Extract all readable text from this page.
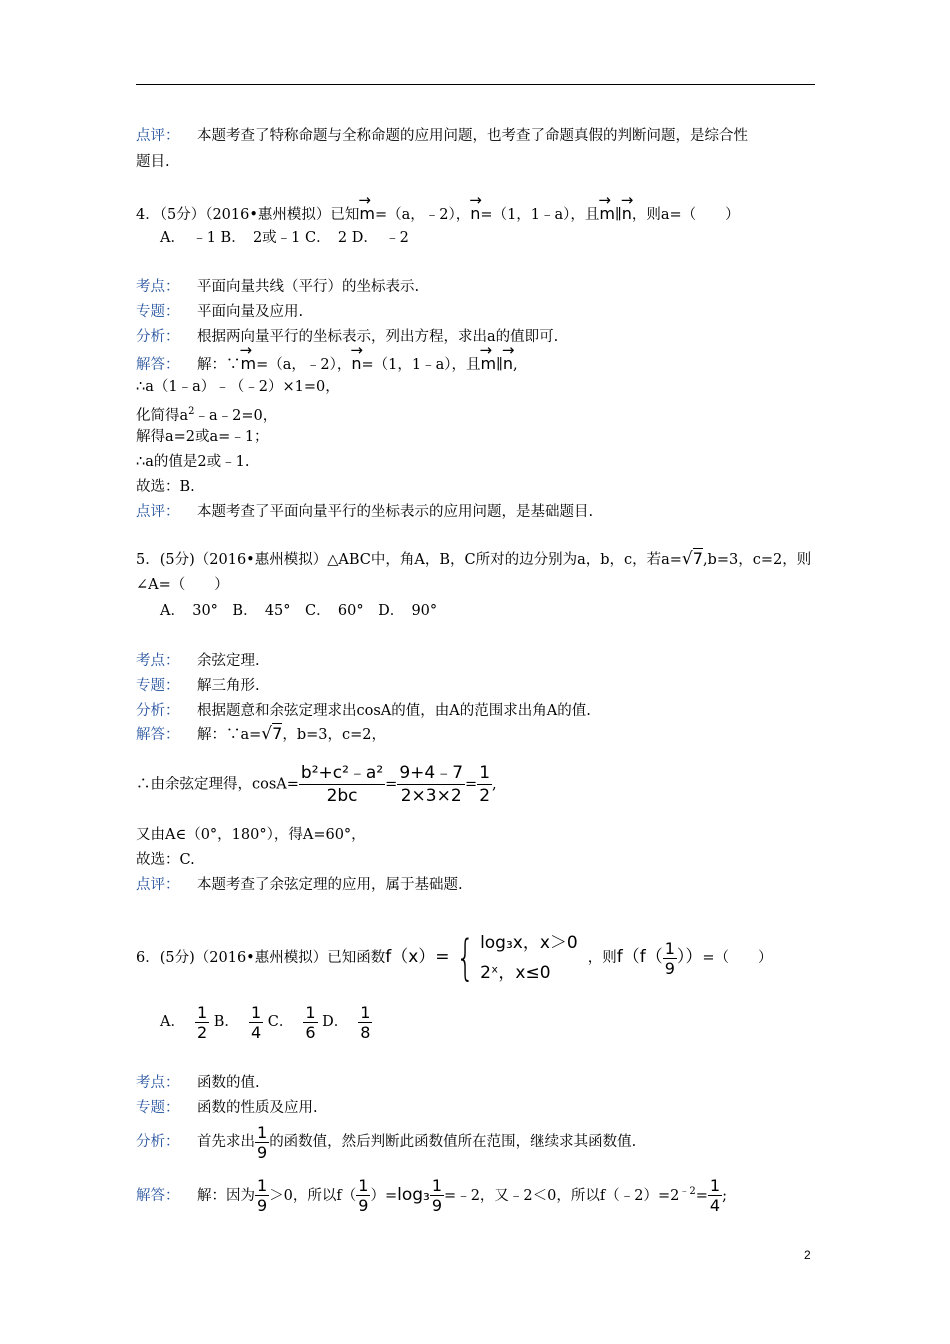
点评： 本题考查了特称命题与全称命题的应用问题，也考查了命题真假的判断问题，是综合性
题目.
4．（5分）（2016•惠州模拟）已知→ m=（a，﹣2），→ n=（1，1﹣a），且→ m∥→ n，则a=（　　）
A．　﹣1 B．　2或﹣1 C．　2 D．　﹣2
考点： 平面向量共线（平行）的坐标表示.
专题： 平面向量及应用.
分析： 根据两向量平行的坐标表示，列出方程，求出a的值即可.
解答： 解：∵→ m=（a，﹣2），→ n=（1，1﹣a），且→ m∥→ n,
∴a（1﹣a）﹣（﹣2）×1=0，
化简得$a^2﹣a﹣2=0$，
解得a=2或a=﹣1；
∴a的值是2或﹣1.
故选：B.
点评： 本题考查了平面向量平行的坐标表示的应用问题，是基础题目.
5．(5分)（2016•惠州模拟）△ABC中，角A，B，C所对的边分别为a，b，c，若a=√7,b=3，c=2，则
∠A=（　　）
A．　30°　B．　45°　C．　60°　D．　90°
考点： 余弦定理.
专题： 解三角形.
分析： 根据题意和余弦定理求出cosA的值，由A的范围求出角A的值.
解答： 解：∵a=√7，b=3，c=2，
∴由余弦定理得，$\cos A= \frac{\text{b²+c²﹣a²}}{2bc} = \frac{9+4﹣7}{2\times 3\times 2} = \frac{1}{2}$ ,
又由A∈（0°，180°），得A=60°，
故选：C.
点评： 本题考查了余弦定理的应用，属于基础题.
6．(5分)（2016•惠州模拟）已知函数f（x）= { log₃x，x＞0
2ˣ，x≤0
，则$f(f( \frac{1}{9}$ ））=（　　）
A． $\frac{1}{2}$ B． $\frac{1}{4}$ C． $\frac{1}{6}$ D． $\frac{1}{8}$
考点： 函数的值.
专题： 函数的性质及应用.
分析： 首先求出 $\frac{1}{9}$ 的函数值，然后判断此函数值所在范围，继续求其函数值.
解答： 解：因为 $\frac{1}{9} >0$，所以$f( \frac{1}{9} )=\log_3 \frac{1}{9}$ =﹣2，又﹣2＜0，所以$f(﹣2)=2^{﹣2}= \frac{1}{4}$ ;
2
